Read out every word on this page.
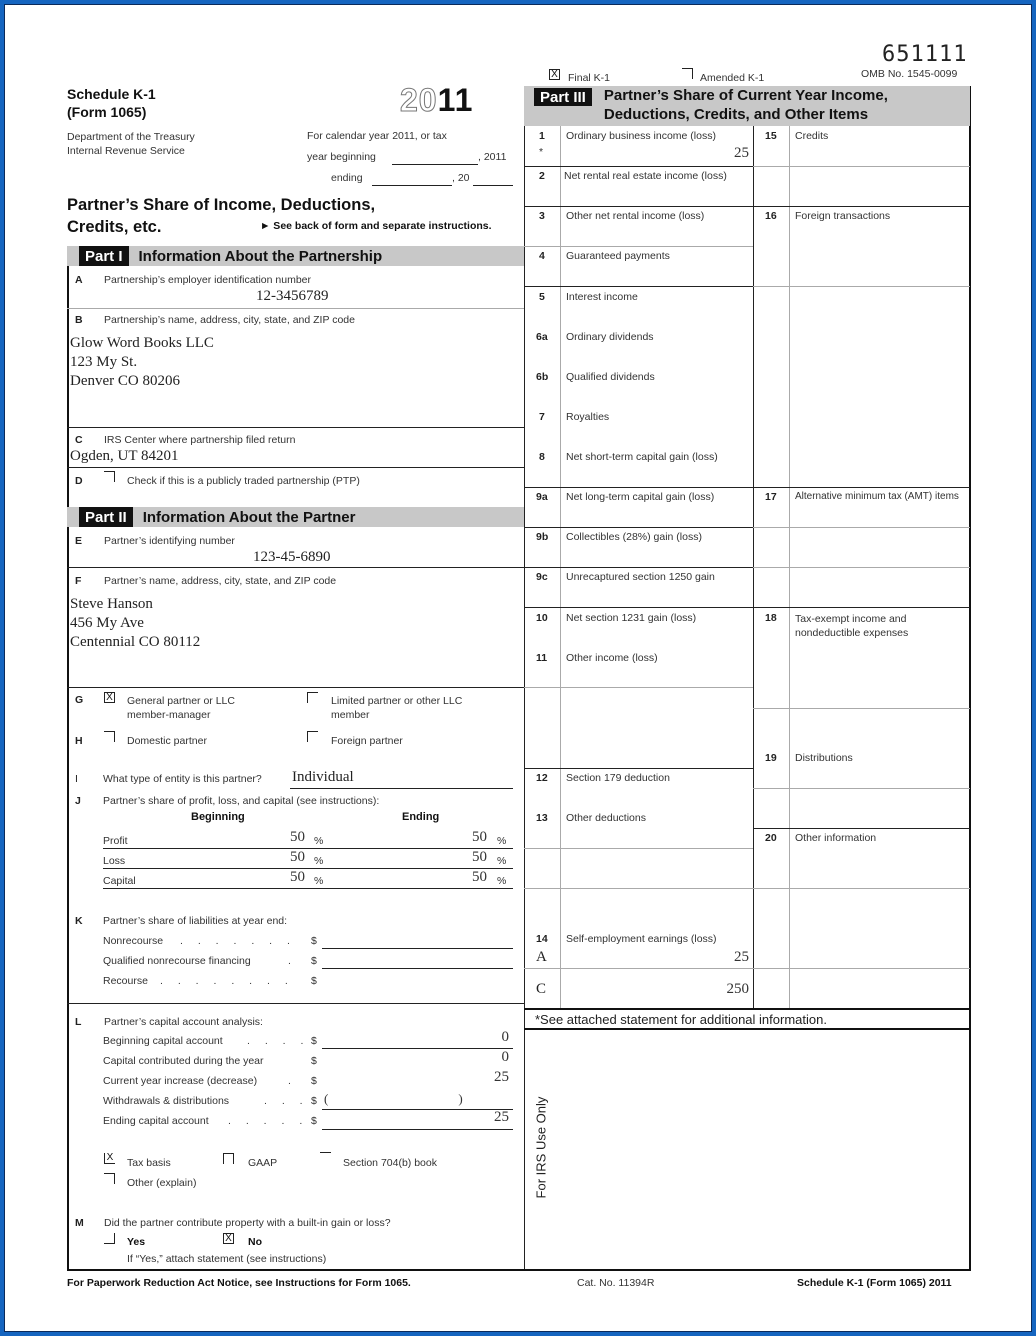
Schedule K-1
(Form 1065)
Department of the Treasury
Internal Revenue Service
2011
For calendar year 2011, or tax
year beginning	, 2011
ending	, 20
Partner’s Share of Income, Deductions,
Credits, etc.	► See back of form and separate instructions.
651111
OMB No. 1545-0099
X Final K-1	Amended K-1
Part I	Information About the Partnership
A Partnership’s employer identification number
12-3456789
B Partnership’s name, address, city, state, and ZIP code
Glow Word Books LLC
123 My St.
Denver CO 80206
C IRS Center where partnership filed return
Ogden, UT 84201
D	Check if this is a publicly traded partnership (PTP)
Part II	Information About the Partner
E Partner’s identifying number
123-45-6890
F Partner’s name, address, city, state, and ZIP code
Steve Hanson
456 My Ave
Centennial CO 80112
G X General partner or LLC
member-manager
Limited partner or other LLC
member
H	Domestic partner	Foreign partner
I What type of entity is this partner? Individual
J Partner’s share of profit, loss, and capital (see instructions):
Beginning	Ending
Profit	50 %	50 %
Loss	50 %	50 %
Capital	50 %	50 %
K Partner’s share of liabilities at year end:
Nonrecourse . . . . . . . $
Qualified nonrecourse financing	. $
Recourse . . . . . . . . $
L Partner’s capital account analysis:
Beginning capital account . . . . $	0
Capital contributed during the year	$	0
Current year increase (decrease)	. $	25
Withdrawals & distributions	. . . $ (                                        )
Ending capital account . . . . . $	25
X Tax basis	GAAP	Section 704(b) book
Other (explain)
M Did the partner contribute property with a built-in gain or loss?
Yes	X No
If “Yes,” attach statement (see instructions)
Part III	Partner’s Share of Current Year Income,
Deductions, Credits, and Other Items
1 Ordinary business income (loss)
*	25
2 Net rental real estate income (loss)
3 Other net rental income (loss)
4 Guaranteed payments
5 Interest income
6a Ordinary dividends
6b Qualified dividends
7 Royalties
8 Net short-term capital gain (loss)
9a Net long-term capital gain (loss)
9b Collectibles (28%) gain (loss)
9c Unrecaptured section 1250 gain
10 Net section 1231 gain (loss)
11 Other income (loss)
12 Section 179 deduction
13 Other deductions
14 Self-employment earnings (loss)
A	25
C	250
15 Credits
16 Foreign transactions
17 Alternative minimum tax (AMT) items
18 Tax-exempt income and
nondeductible expenses
19 Distributions
20 Other information
*See attached statement for additional information.
For IRS Use Only
For Paperwork Reduction Act Notice, see Instructions for Form 1065.	Cat. No. 11394R	Schedule K-1 (Form 1065) 2011
